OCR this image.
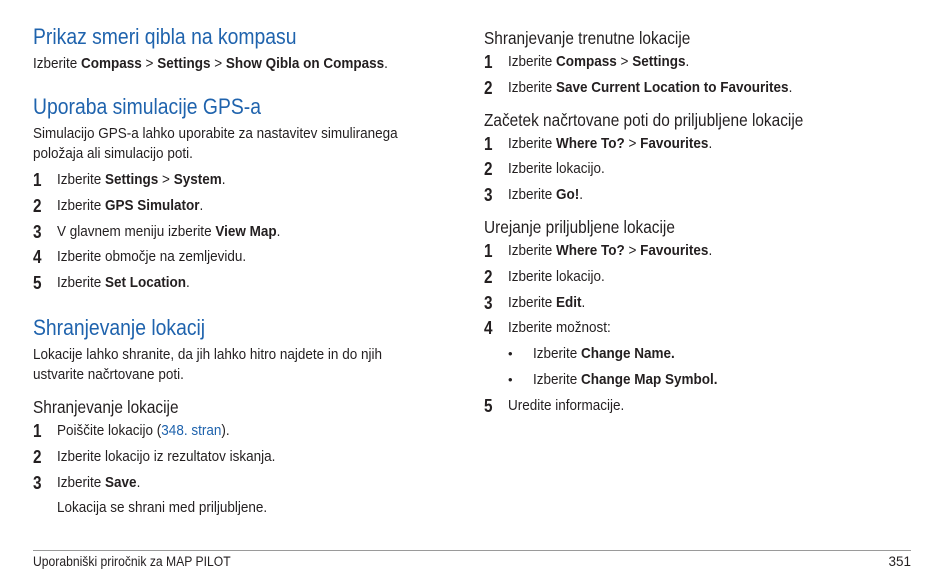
Prikaz smeri qibla na kompasu
Izberite Compass > Settings > Show Qibla on Compass.
Uporaba simulacije GPS-a
Simulacijo GPS-a lahko uporabite za nastavitev simuliranega
položaja ali simulacijo poti.
1 Izberite Settings > System.
2 Izberite GPS Simulator.
3 V glavnem meniju izberite View Map.
4 Izberite območje na zemljevidu.
5 Izberite Set Location.
Shranjevanje lokacij
Lokacije lahko shranite, da jih lahko hitro najdete in do njih
ustvarite načrtovane poti.
Shranjevanje lokacije
1 Poiščite lokacijo (348. stran).
2 Izberite lokacijo iz rezultatov iskanja.
3 Izberite Save.
Lokacija se shrani med priljubljene.
Shranjevanje trenutne lokacije
1 Izberite Compass > Settings.
2 Izberite Save Current Location to Favourites.
Začetek načrtovane poti do priljubljene lokacije
1 Izberite Where To? > Favourites.
2 Izberite lokacijo.
3 Izberite Go!.
Urejanje priljubljene lokacije
1 Izberite Where To? > Favourites.
2 Izberite lokacijo.
3 Izberite Edit.
4 Izberite možnost:
• Izberite Change Name.
• Izberite Change Map Symbol.
5 Uredite informacije.
Uporabniški priročnik za MAP PILOT	351
